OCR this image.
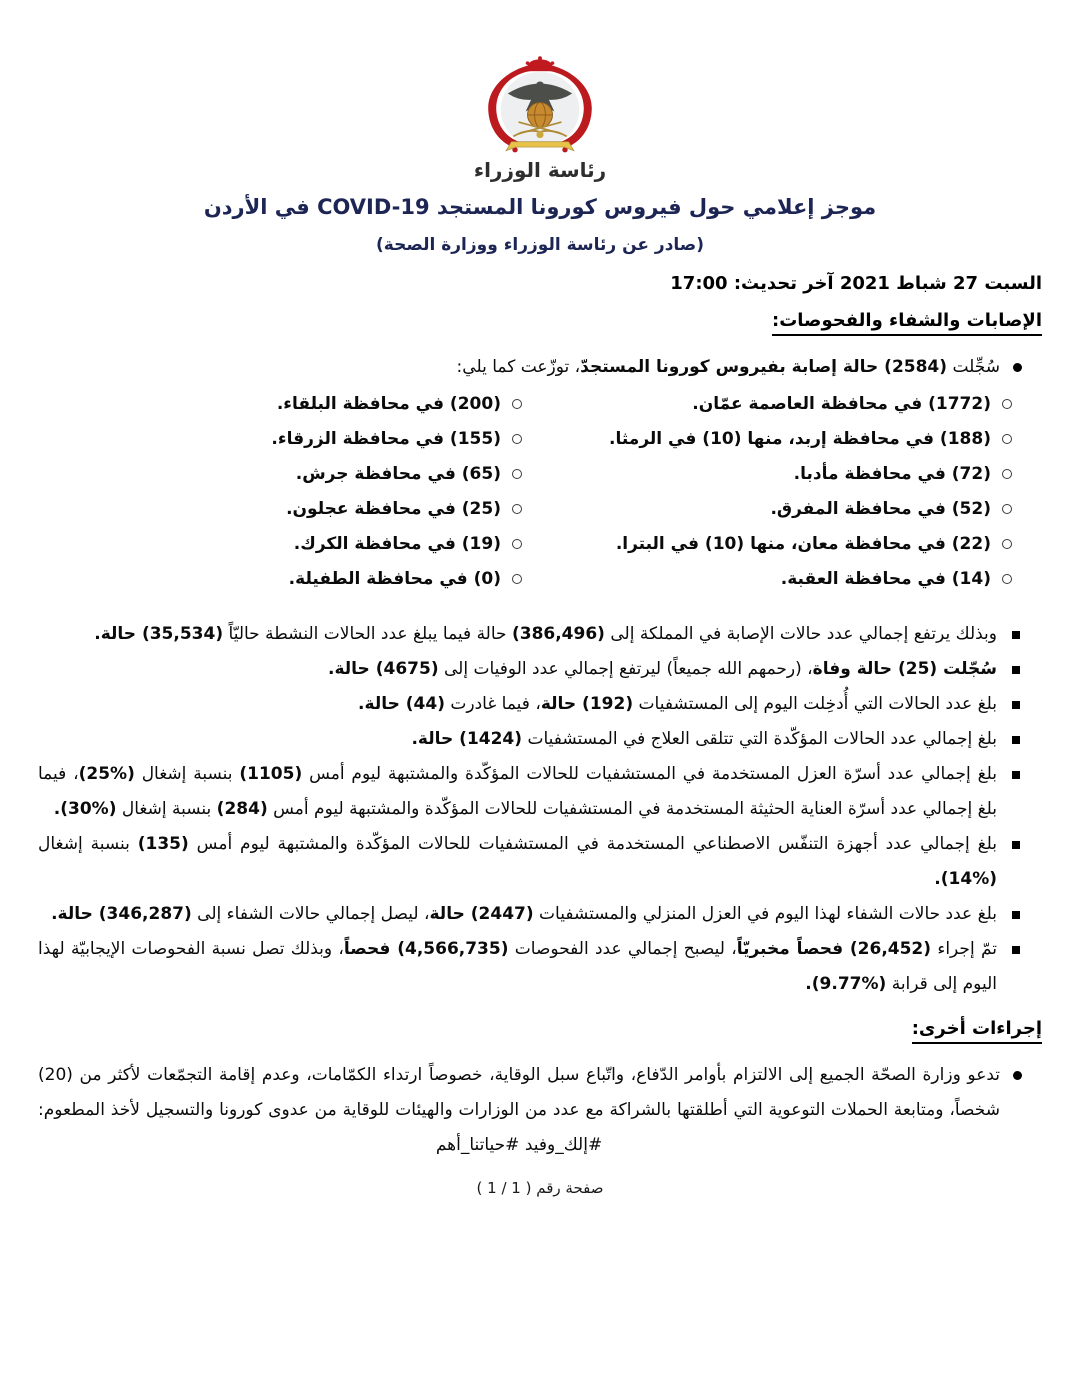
رئاسة الوزراء
موجز إعلامي حول فيروس كورونا المستجد COVID-19 في الأردن
(صادر عن رئاسة الوزراء ووزارة الصحة)
السبت 27 شباط 2021 آخر تحديث: 17:00
الإصابات والشفاء والفحوصات:
سُجِّلت (2584) حالة إصابة بفيروس كورونا المستجدّ، توزّعت كما يلي:
(1772) في محافظة العاصمة عمّان.
(188) في محافظة إربد، منها (10) في الرمثا.
(72) في محافظة مأدبا.
(52) في محافظة المفرق.
(22) في محافظة معان، منها (10) في البترا.
(14) في محافظة العقبة.
(200) في محافظة البلقاء.
(155) في محافظة الزرقاء.
(65) في محافظة جرش.
(25) في محافظة عجلون.
(19) في محافظة الكرك.
(0) في محافظة الطفيلة.
وبذلك يرتفع إجمالي عدد حالات الإصابة في المملكة إلى (386,496) حالة فيما يبلغ عدد الحالات النشطة حاليّاً (35,534) حالة.
سُجّلت (25) حالة وفاة، (رحمهم الله جميعاً) ليرتفع إجمالي عدد الوفيات إلى (4675) حالة.
بلغ عدد الحالات التي أُدخِلت اليوم إلى المستشفيات (192) حالة، فيما غادرت (44) حالة.
بلغ إجمالي عدد الحالات المؤكّدة التي تتلقى العلاج في المستشفيات (1424) حالة.
بلغ إجمالي عدد أسرّة العزل المستخدمة في المستشفيات للحالات المؤكّدة والمشتبهة ليوم أمس (1105) بنسبة إشغال (%25)، فيما بلغ إجمالي عدد أسرّة العناية الحثيثة المستخدمة في المستشفيات للحالات المؤكّدة والمشتبهة ليوم أمس (284) بنسبة إشغال (%30).
بلغ إجمالي عدد أجهزة التنفّس الاصطناعي المستخدمة في المستشفيات للحالات المؤكّدة والمشتبهة ليوم أمس (135) بنسبة إشغال (%14).
بلغ عدد حالات الشفاء لهذا اليوم في العزل المنزلي والمستشفيات (2447) حالة، ليصل إجمالي حالات الشفاء إلى (346,287) حالة.
تمّ إجراء (26,452) فحصاً مخبريّاً، ليصبح إجمالي عدد الفحوصات (4,566,735) فحصاً، وبذلك تصل نسبة الفحوصات الإيجابيّة لهذا اليوم إلى قرابة (%9.77).
إجراءات أخرى:
تدعو وزارة الصحّة الجميع إلى الالتزام بأوامر الدّفاع، واتّباع سبل الوقاية، خصوصاً ارتداء الكمّامات، وعدم إقامة التجمّعات لأكثر من (20) شخصاً، ومتابعة الحملات التوعوية التي أطلقتها بالشراكة مع عدد من الوزارات والهيئات للوقاية من عدوى كورونا والتسجيل لأخذ المطعوم: #إلك_وفيد #حياتنا_أهم
صفحة رقم ( 1 / 1 )
